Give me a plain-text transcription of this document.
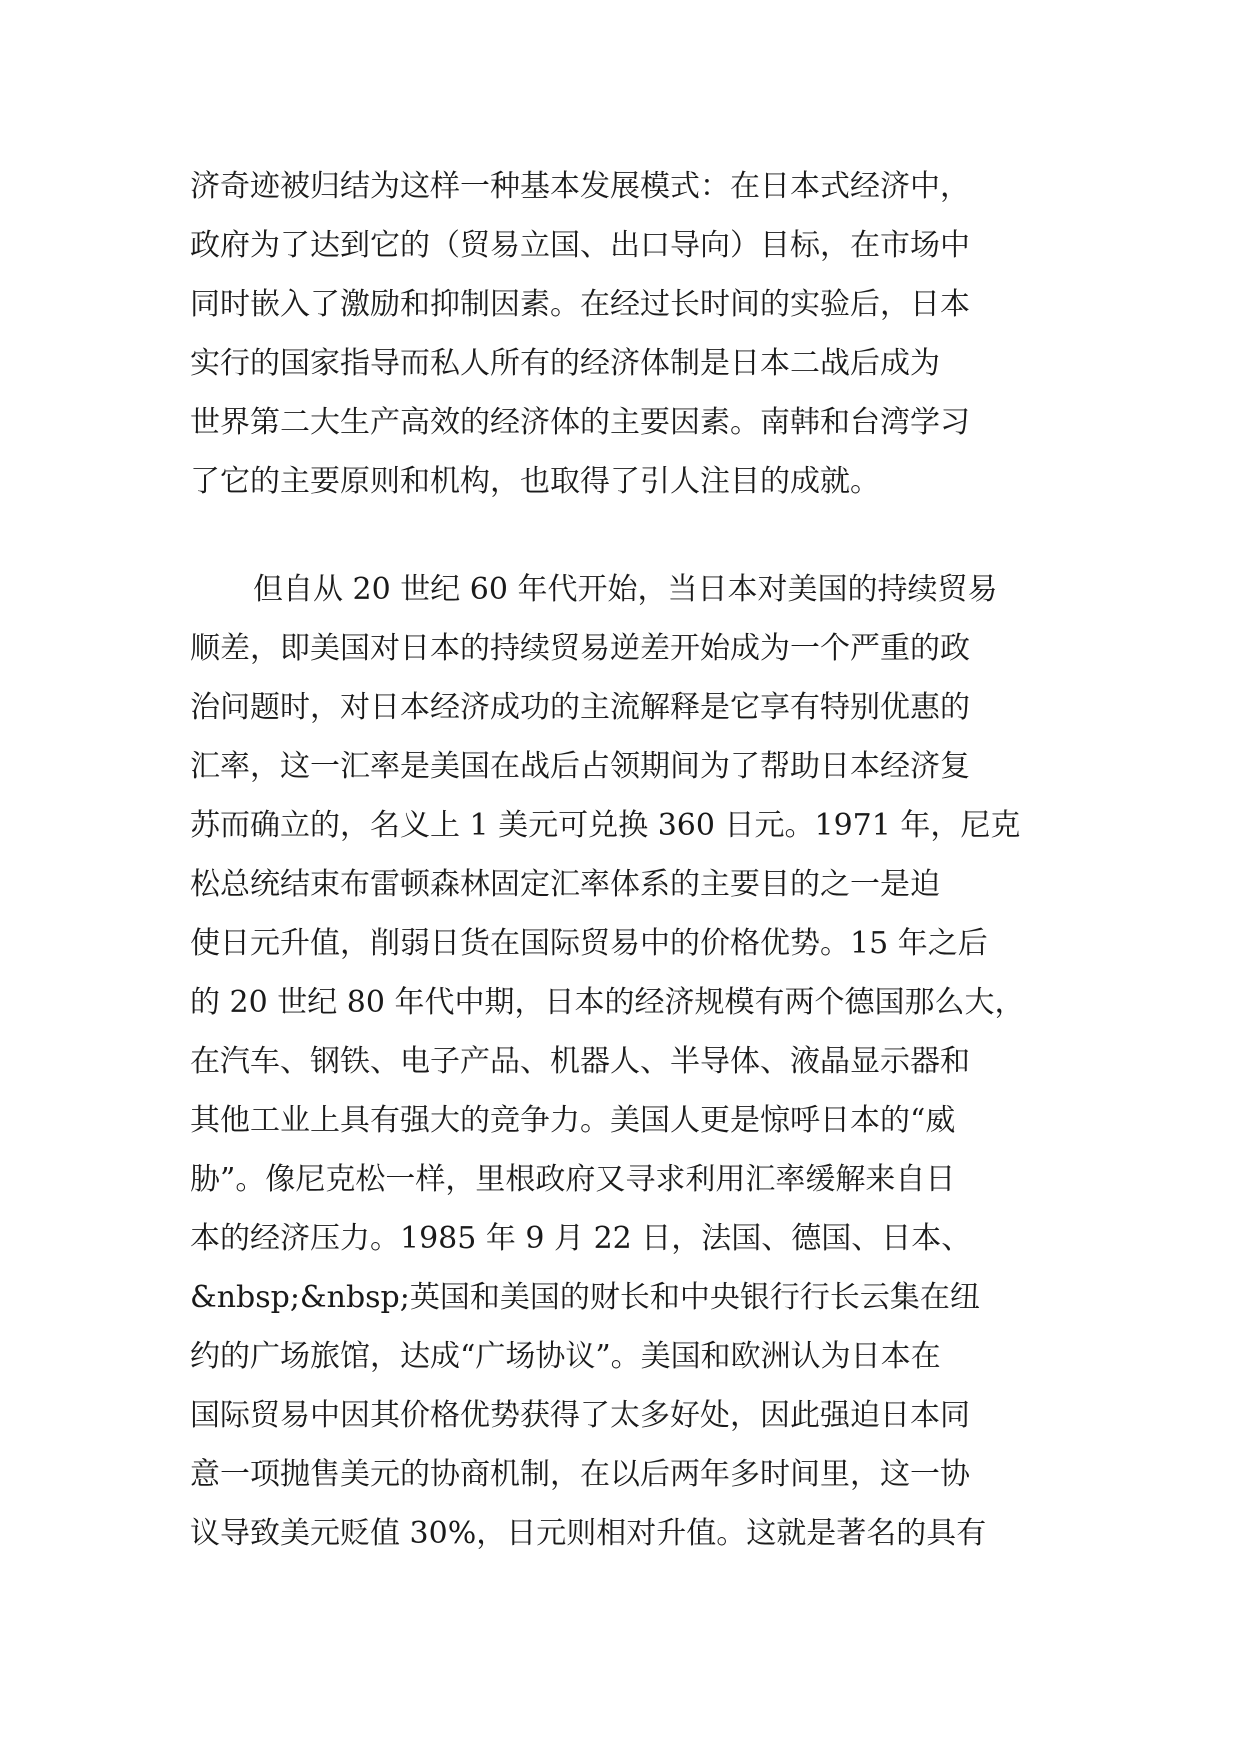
济奇迹被归结为这样一种基本发展模式：在日本式经济中，
政府为了达到它的（贸易立国、出口导向）目标，在市场中
同时嵌入了激励和抑制因素。在经过长时间的实验后，日本
实行的国家指导而私人所有的经济体制是日本二战后成为
世界第二大生产高效的经济体的主要因素。南韩和台湾学习
了它的主要原则和机构，也取得了引人注目的成就。
但自从 20 世纪 60 年代开始，当日本对美国的持续贸易
顺差，即美国对日本的持续贸易逆差开始成为一个严重的政
治问题时，对日本经济成功的主流解释是它享有特别优惠的
汇率，这一汇率是美国在战后占领期间为了帮助日本经济复
苏而确立的，名义上 1 美元可兑换 360 日元。1971 年，尼克
松总统结束布雷顿森林固定汇率体系的主要目的之一是迫
使日元升值，削弱日货在国际贸易中的价格优势。15 年之后
的 20 世纪 80 年代中期，日本的经济规模有两个德国那么大，
在汽车、钢铁、电子产品、机器人、半导体、液晶显示器和
其他工业上具有强大的竞争力。美国人更是惊呼日本的“威
胁”。像尼克松一样，里根政府又寻求利用汇率缓解来自日
本的经济压力。1985 年 9 月 22 日，法国、德国、日本、
&nbsp;&nbsp;英国和美国的财长和中央银行行长云集在纽
约的广场旅馆，达成“广场协议”。美国和欧洲认为日本在
国际贸易中因其价格优势获得了太多好处，因此强迫日本同
意一项抛售美元的协商机制，在以后两年多时间里，这一协
议导致美元贬值 30%，日元则相对升值。这就是著名的具有
